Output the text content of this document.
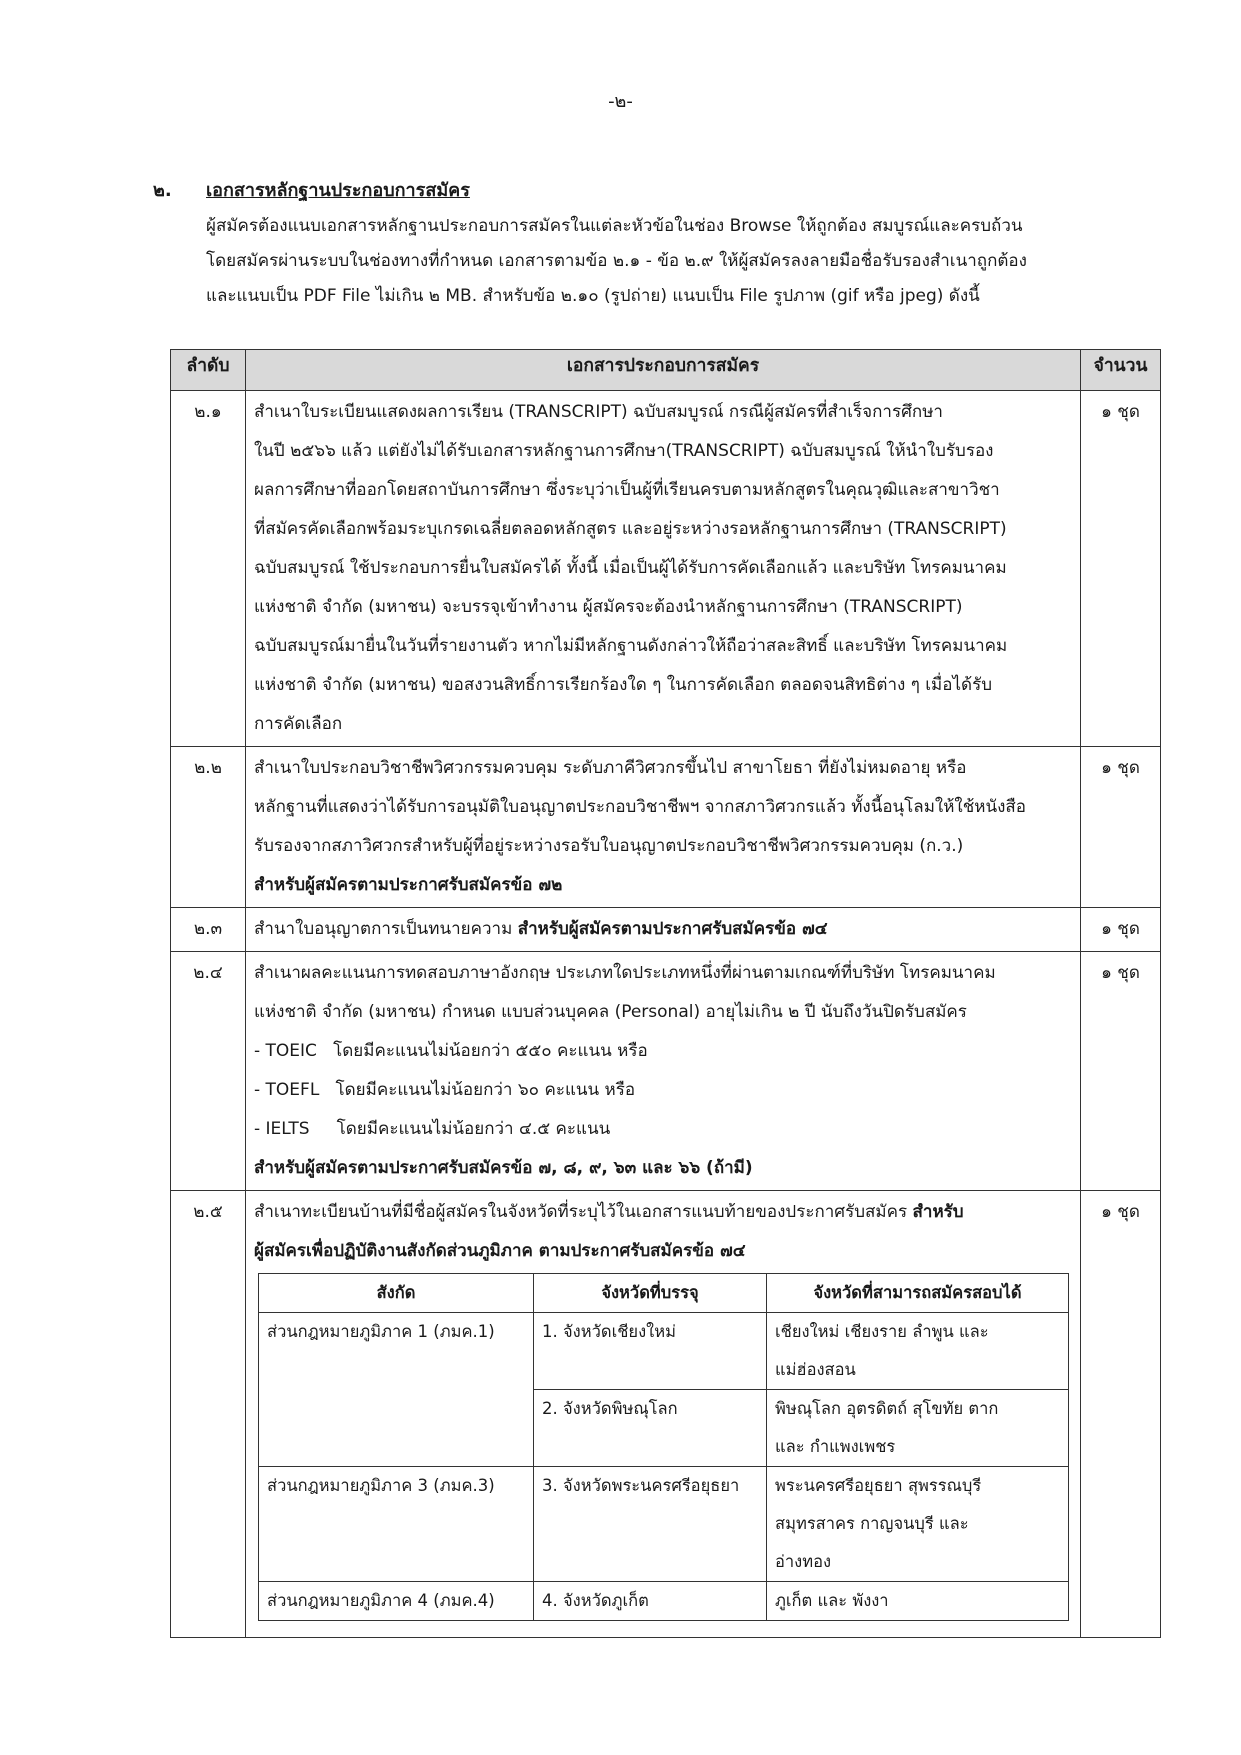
-๒-
๒.	เอกสารหลักฐานประกอบการสมัคร
ผู้สมัครต้องแนบเอกสารหลักฐานประกอบการสมัครในแต่ละหัวข้อในช่อง Browse ให้ถูกต้อง สมบูรณ์และครบถ้วน
โดยสมัครผ่านระบบในช่องทางที่กำหนด เอกสารตามข้อ ๒.๑ - ข้อ ๒.๙ ให้ผู้สมัครลงลายมือชื่อรับรองสำเนาถูกต้อง
และแนบเป็น PDF File ไม่เกิน ๒ MB. สำหรับข้อ ๒.๑๐ (รูปถ่าย) แนบเป็น File รูปภาพ (gif หรือ jpeg) ดังนี้
ลำดับ	เอกสารประกอบการสมัคร	จำนวน
๒.๑	สำเนาใบระเบียนแสดงผลการเรียน (TRANSCRIPT) ฉบับสมบูรณ์ กรณีผู้สมัครที่สำเร็จการศึกษา
ในปี ๒๕๖๖ แล้ว แต่ยังไม่ได้รับเอกสารหลักฐานการศึกษา(TRANSCRIPT) ฉบับสมบูรณ์ ให้นำใบรับรอง
ผลการศึกษาที่ออกโดยสถาบันการศึกษา ซึ่งระบุว่าเป็นผู้ที่เรียนครบตามหลักสูตรในคุณวุฒิและสาขาวิชา
ที่สมัครคัดเลือกพร้อมระบุเกรดเฉลี่ยตลอดหลักสูตร และอยู่ระหว่างรอหลักฐานการศึกษา (TRANSCRIPT)
ฉบับสมบูรณ์ ใช้ประกอบการยื่นใบสมัครได้ ทั้งนี้ เมื่อเป็นผู้ได้รับการคัดเลือกแล้ว และบริษัท โทรคมนาคม
แห่งชาติ จำกัด (มหาชน) จะบรรจุเข้าทำงาน ผู้สมัครจะต้องนำหลักฐานการศึกษา (TRANSCRIPT)
ฉบับสมบูรณ์มายื่นในวันที่รายงานตัว หากไม่มีหลักฐานดังกล่าวให้ถือว่าสละสิทธิ์ และบริษัท โทรคมนาคม
แห่งชาติ จำกัด (มหาชน) ขอสงวนสิทธิ์การเรียกร้องใด ๆ ในการคัดเลือก ตลอดจนสิทธิต่าง ๆ เมื่อได้รับ
การคัดเลือก
	๑ ชุด
๒.๒	สำเนาใบประกอบวิชาชีพวิศวกรรมควบคุม ระดับภาคีวิศวกรขึ้นไป สาขาโยธา ที่ยังไม่หมดอายุ หรือ
หลักฐานที่แสดงว่าได้รับการอนุมัติใบอนุญาตประกอบวิชาชีพฯ จากสภาวิศวกรแล้ว ทั้งนี้อนุโลมให้ใช้หนังสือ
รับรองจากสภาวิศวกรสำหรับผู้ที่อยู่ระหว่างรอรับใบอนุญาตประกอบวิชาชีพวิศวกรรมควบคุม (ก.ว.)
สำหรับผู้สมัครตามประกาศรับสมัครข้อ ๗๒
	๑ ชุด
๒.๓	สำนาใบอนุญาตการเป็นทนายความ สำหรับผู้สมัครตามประกาศรับสมัครข้อ ๗๔	๑ ชุด
๒.๔	สำเนาผลคะแนนการทดสอบภาษาอังกฤษ ประเภทใดประเภทหนึ่งที่ผ่านตามเกณฑ์ที่บริษัท โทรคมนาคม
แห่งชาติ จำกัด (มหาชน) กำหนด แบบส่วนบุคคล (Personal) อายุไม่เกิน ๒ ปี นับถึงวันปิดรับสมัคร
- TOEIC   โดยมีคะแนนไม่น้อยกว่า ๕๕๐ คะแนน หรือ
- TOEFL   โดยมีคะแนนไม่น้อยกว่า ๖๐ คะแนน หรือ
- IELTS     โดยมีคะแนนไม่น้อยกว่า ๔.๕ คะแนน
สำหรับผู้สมัครตามประกาศรับสมัครข้อ ๗, ๘, ๙, ๖๓ และ ๖๖ (ถ้ามี)
	๑ ชุด
๒.๕	สำเนาทะเบียนบ้านที่มีชื่อผู้สมัครในจังหวัดที่ระบุไว้ในเอกสารแนบท้ายของประกาศรับสมัคร สำหรับ
ผู้สมัครเพื่อปฏิบัติงานสังกัดส่วนภูมิภาค ตามประกาศรับสมัครข้อ ๗๔
สังกัด	จังหวัดที่บรรจุ	จังหวัดที่สามารถสมัครสอบได้
ส่วนกฎหมายภูมิภาค 1 (ภมค.1)	1. จังหวัดเชียงใหม่	เชียงใหม่ เชียงราย ลำพูน และ
แม่ฮ่องสอน

2. จังหวัดพิษณุโลก	พิษณุโลก อุตรดิตถ์ สุโขทัย ตาก
และ กำแพงเพชร

ส่วนกฎหมายภูมิภาค 3 (ภมค.3)	3. จังหวัดพระนครศรีอยุธยา	พระนครศรีอยุธยา สุพรรณบุรี
สมุทรสาคร กาญจนบุรี และ
อ่างทอง

ส่วนกฎหมายภูมิภาค 4 (ภมค.4)	4. จังหวัดภูเก็ต	ภูเก็ต และ พังงา
	๑ ชุด
